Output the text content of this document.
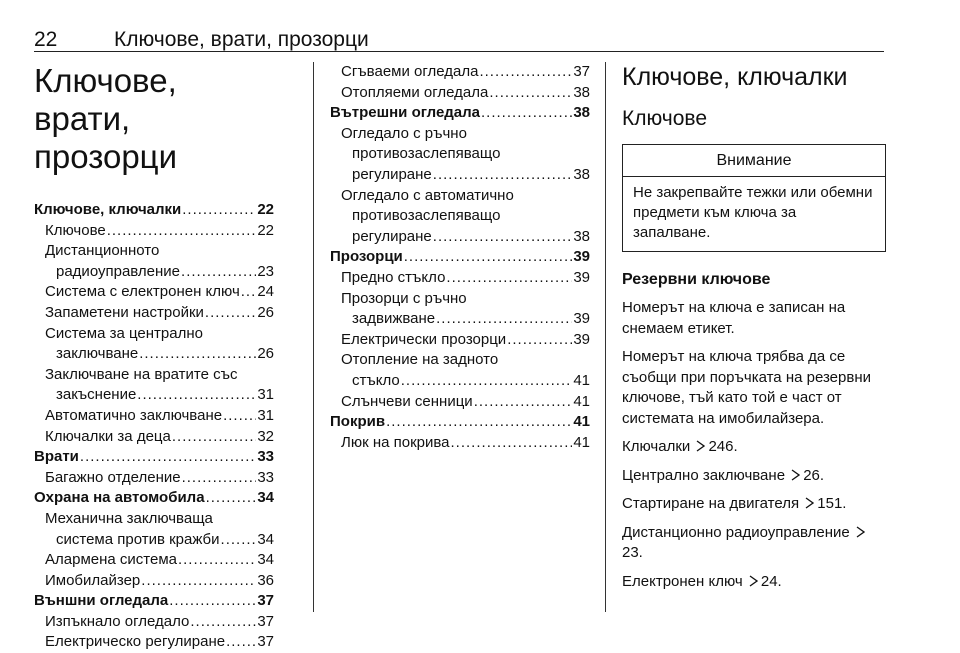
22	Ключове, врати, прозорци
Ключове, врати,
прозорци
Ключове, ключалки .....	22
Ключове .....	22
Дистанционното
радиоуправление .....	23
Система с електронен ключ ..... 24
Запаметени настройки .....	26
Система за централно
заключване .....	26
Заключване на вратите със
закъснение .....	31
Автоматично заключване ..... 31
Ключалки за деца .....	32
Врати .....	33
Багажно отделение .....	33
Охрана на автомобила .....	34
Механична заключваща
система против кражби .....	34
Алармена система .....	34
Имобилайзер .....	36
Външни огледала .....	37
Изпъкнало огледало .....	37
Електрическо регулиране ..... 37
Сгъваеми огледала .....	37
Отопляеми огледала .....	38
Вътрешни огледала .....	38
Огледало с ръчно
противозаслепяващо
регулиране .....	38
Огледало с автоматично
противозаслепяващо
регулиране .....	38
Прозорци .....	39
Предно стъкло .....	39
Прозорци с ръчно
задвижване .....	39
Електрически прозорци .....	39
Отопление на задното
стъкло .....	41
Слънчеви сенници .....	41
Покрив .....	41
Люк на покрива .....	41
Ключове, ключалки
Ключове
Внимание
Не закрепвайте тежки или обемни предмети към ключа за запалване.
Резервни ключове
Номерът на ключа е записан на снемаем етикет.
Номерът на ключа трябва да се съобщи при поръчката на резервни ключове, тъй като той е част от системата на имобилайзера.
Ключалки 246.
Централно заключване 26.
Стартиране на двигателя 151.
Дистанционно радиоуправление
23.
Електронен ключ 24.
